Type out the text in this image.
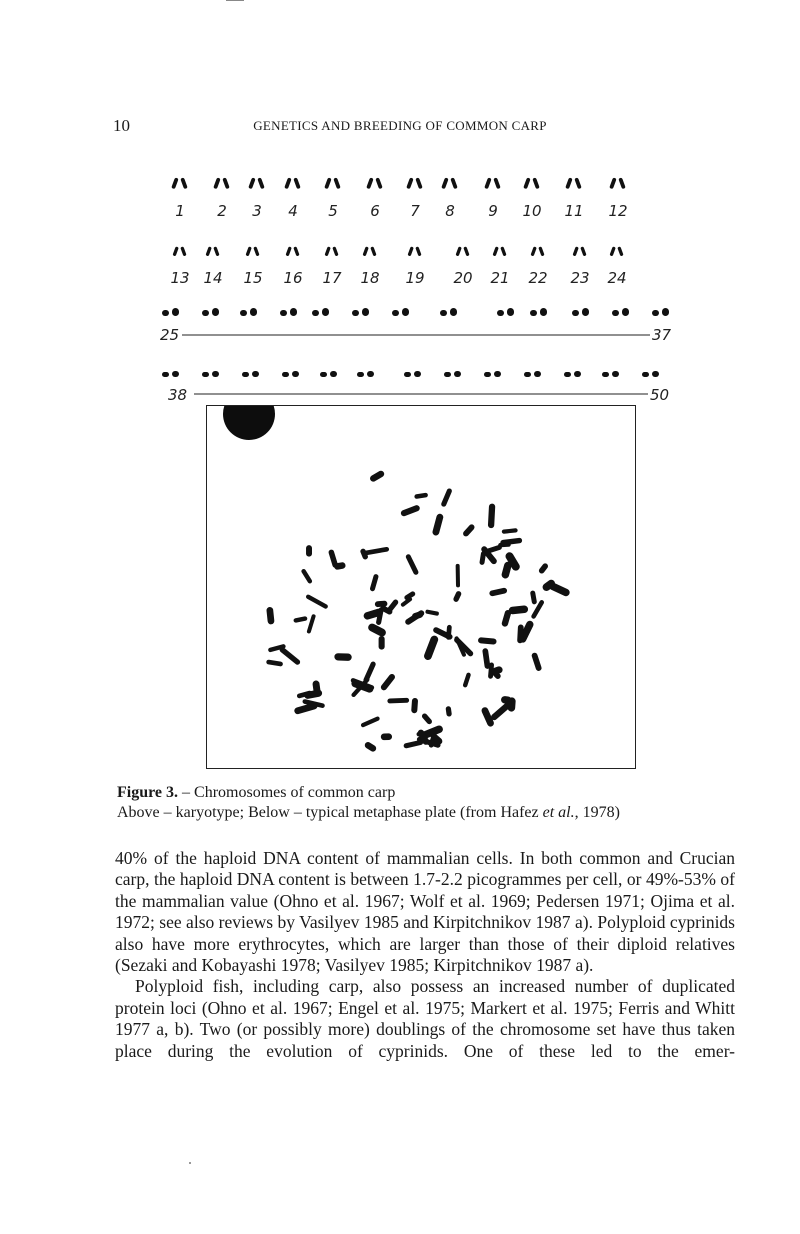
10	GENETICS AND BREEDING OF COMMON CARP
1 2 3 4 5 6 7 8 9 10 11 12
13 14 15 16 17 18 19 20 21 22 23 24
25	37
38	50
Figure 3. – Chromosomes of common carp
Above – karyotype; Below – typical metaphase plate (from Hafez et al., 1978)

40% of the haploid DNA content of mammalian cells. In both common and Crucian carp, the haploid DNA content is between 1.7-2.2 picogrammes per cell, or 49%-53% of the mammalian value (Ohno et al. 1967; Wolf et al. 1969; Pedersen 1971; Ojima et al. 1972; see also reviews by Vasilyev 1985 and Kirpitchnikov 1987 a). Polyploid cyprinids also have more erythrocytes, which are larger than those of their diploid relatives (Sezaki and Kobayashi 1978; Vasilyev 1985; Kirpitchnikov 1987 a).

Polyploid fish, including carp, also possess an increased number of duplicated protein loci (Ohno et al. 1967; Engel et al. 1975; Markert et al. 1975; Ferris and Whitt 1977 a, b). Two (or possibly more) doublings of the chromosome set have thus taken place during the evolution of cyprinids. One of these led to the emer-
